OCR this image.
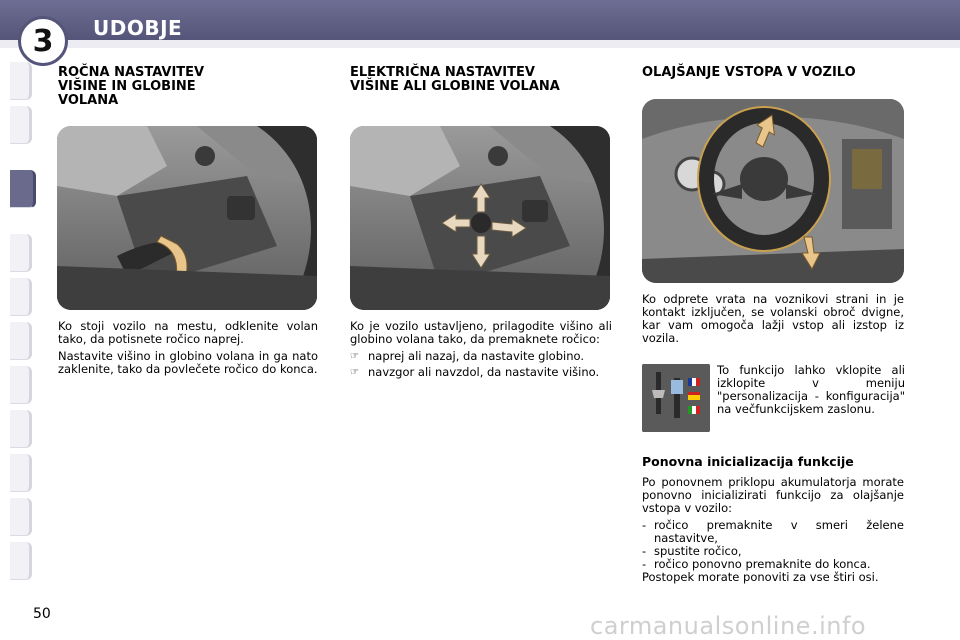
3	UDOBJE
ROČNA NASTAVITEV
VIŠINE IN GLOBINE
VOLANA

Ko stoji vozilo na mestu, odklenite volan tako, da potisnete ročico naprej.

Nastavite višino in globino volana in ga nato zaklenite, tako da povlečete ročico do konca.

ELEKTRIČNA NASTAVITEV
VIŠINE ALI GLOBINE VOLANA

Ko je vozilo ustavljeno, prilagodite višino ali globino volana tako, da premaknete ročico:

☞ naprej ali nazaj, da nastavite globino.
☞ navzgor ali navzdol, da nastavite višino.
OLAJŠANJE VSTOPA V VOZILO
Ko odprete vrata na voznikovi strani in je kontakt izključen, se volanski obroč dvigne, kar vam omogoča lažji vstop ali izstop iz vozila.
To funkcijo lahko vklopite ali izklopite v meniju "personalizacija - konfiguracija" na večfunkcijskem zaslonu.
Ponovna inicializacija funkcije

Po ponovnem priklopu akumulatorja morate ponovno inicializirati funkcijo za olajšanje vstopa v vozilo:

- ročico premaknite v smeri želene nastavitve,
- spustite ročico,
- ročico ponovno premaknite do konca.

Postopek morate ponoviti za vse štiri osi.

50	carmanualsonline.info
